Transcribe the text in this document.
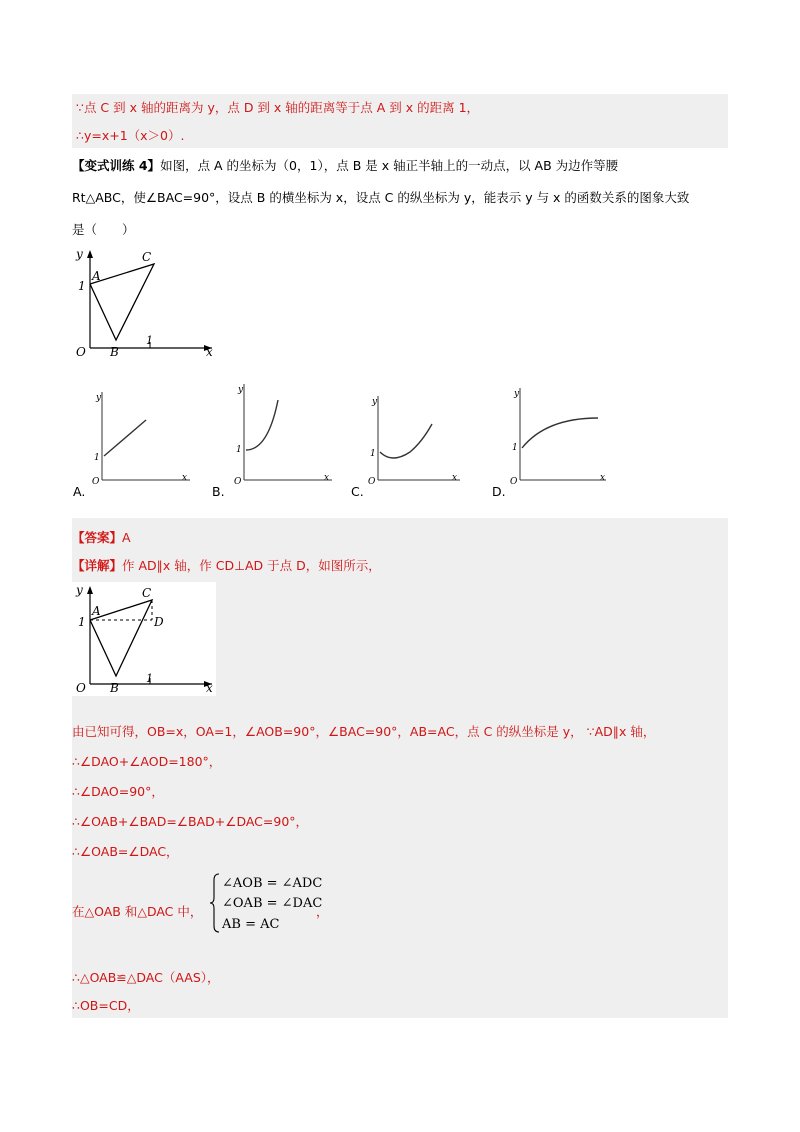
∵点 C 到 x 轴的距离为 y，点 D 到 x 轴的距离等于点 A 到 x 的距离 1，
∴y=x+1（x＞0）.
【变式训练 4】如图，点 A 的坐标为（0，1），点 B 是 x 轴正半轴上的一动点，以 AB 为边作等腰
Rt△ABC，使∠BAC=90°，设点 B 的横坐标为 x，设点 C 的纵坐标为 y，能表示 y 与 x 的函数关系的图象大致
是（　　）
y
A
C
1
O B
1
x
y
1
O	x
A.
y
1
O	x
B.
y
1
O	x
C.
y
1
O	x
D.
【答案】A
【详解】作 AD∥x 轴，作 CD⊥AD 于点 D，如图所示，
y
A
C
D
1
O B
1
x
由已知可得，OB=x，OA=1，∠AOB=90°，∠BAC=90°，AB=AC，点 C 的纵坐标是 y， ∵AD∥x 轴，
∴∠DAO+∠AOD=180°，
∴∠DAO=90°，
∴∠OAB+∠BAD=∠BAD+∠DAC=90°，
∴∠OAB=∠DAC，
在△OAB 和△DAC 中，
∠AOB = ∠ADC
∠OAB = ∠DAC
AB = AC
，
∴△OAB≌△DAC（AAS），
∴OB=CD，
